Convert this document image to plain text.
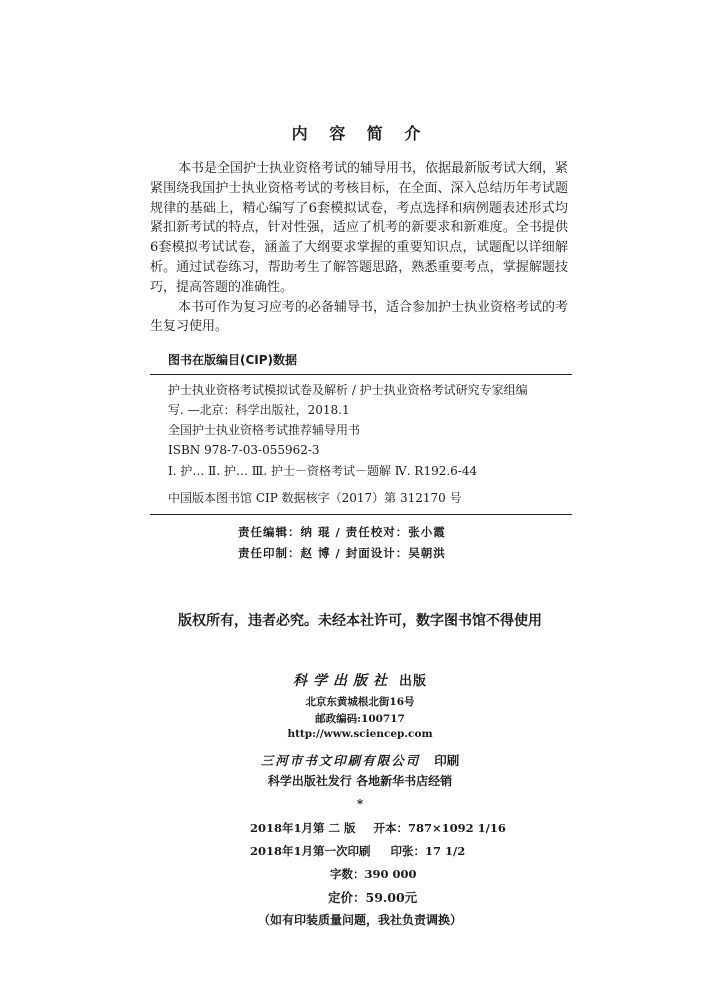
内 容 简 介

本书是全国护士执业资格考试的辅导用书，依据最新版考试大纲，紧紧围绕我国护士执业资格考试的考核目标，在全面、深入总结历年考试题规律的基础上，精心编写了6套模拟试卷，考点选择和病例题表述形式均紧扣新考试的特点，针对性强，适应了机考的新要求和新难度。全书提供6套模拟考试试卷，涵盖了大纲要求掌握的重要知识点，试题配以详细解析。通过试卷练习，帮助考生了解答题思路，熟悉重要考点，掌握解题技巧，提高答题的准确性。

本书可作为复习应考的必备辅导书，适合参加护士执业资格考试的考生复习使用。

图书在版编目(CIP)数据
护士执业资格考试模拟试卷及解析 / 护士执业资格考试研究专家组编
写. —北京：科学出版社，2018.1
全国护士执业资格考试推荐辅导用书
ISBN 978-7-03-055962-3
Ⅰ. 护… Ⅱ. 护… Ⅲ. 护士－资格考试－题解 Ⅳ. R192.6-44
中国版本图书馆 CIP 数据核字（2017）第 312170 号
责任编辑：纳 琨 / 责任校对：张小霞
责任印制：赵 博 / 封面设计：吴朝洪
版权所有，违者必究。未经本社许可，数字图书馆不得使用
科学出版社 出版
北京东黄城根北街16号
邮政编码:100717
http://www.sciencep.com
三河市书文印刷有限公司 印刷
科学出版社发行 各地新华书店经销
*
2018年1月第 二 版 开本：787×1092 1/16
2018年1月第一次印刷 印张：17 1/2
字数：390 000
定价：59.00元
（如有印装质量问题，我社负责调换）
